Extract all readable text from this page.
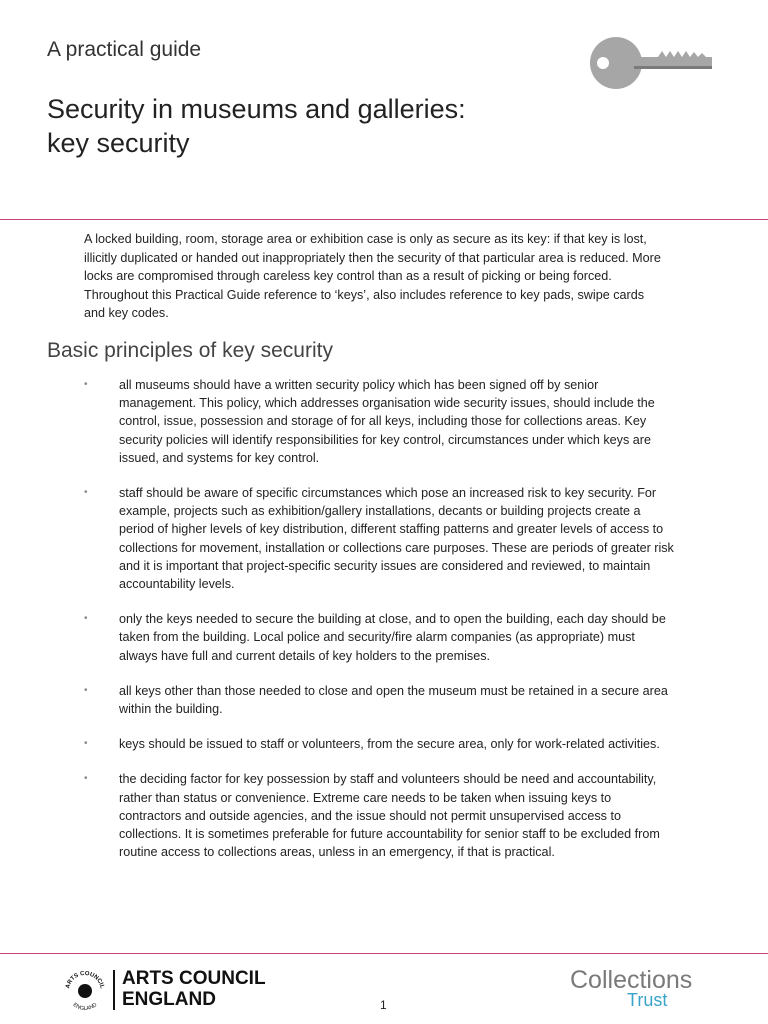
A practical guide
Security in museums and galleries:
key security

A locked building, room, storage area or exhibition case is only as secure as its key: if that key is lost, illicitly duplicated or handed out inappropriately then the security of that particular area is reduced. More locks are compromised through careless key control than as a result of picking or being forced. Throughout this Practical Guide reference to ‘keys’, also includes reference to key pads, swipe cards and key codes.

Basic principles of key security
• all museums should have a written security policy which has been signed off by senior management. This policy, which addresses organisation wide security issues, should include the control, issue, possession and storage of for all keys, including those for collections areas. Key security policies will identify responsibilities for key control, circumstances under which keys are issued, and systems for key control.
• staff should be aware of specific circumstances which pose an increased risk to key security. For example, projects such as exhibition/gallery installations, decants or building projects create a period of higher levels of key distribution, different staffing patterns and greater levels of access to collections for movement, installation or collections care purposes. These are periods of greater risk and it is important that project-specific security issues are considered and reviewed, to maintain accountability levels.
• only the keys needed to secure the building at close, and to open the building, each day should be taken from the building. Local police and security/fire alarm companies (as appropriate) must always have full and current details of key holders to the premises.
• all keys other than those needed to close and open the museum must be retained in a secure area within the building.
• keys should be issued to staff or volunteers, from the secure area, only for work-related activities.
• the deciding factor for key possession by staff and volunteers should be need and accountability, rather than status or convenience. Extreme care needs to be taken when issuing keys to contractors and outside agencies, and the issue should not permit unsupervised access to collections. It is sometimes preferable for future accountability for senior staff to be excluded from routine access to collections areas, unless in an emergency, if that is practical.
ARTS COUNCIL
ENGLAND
ARTS COUNCIL
ENGLAND	1
Collections
Trust
